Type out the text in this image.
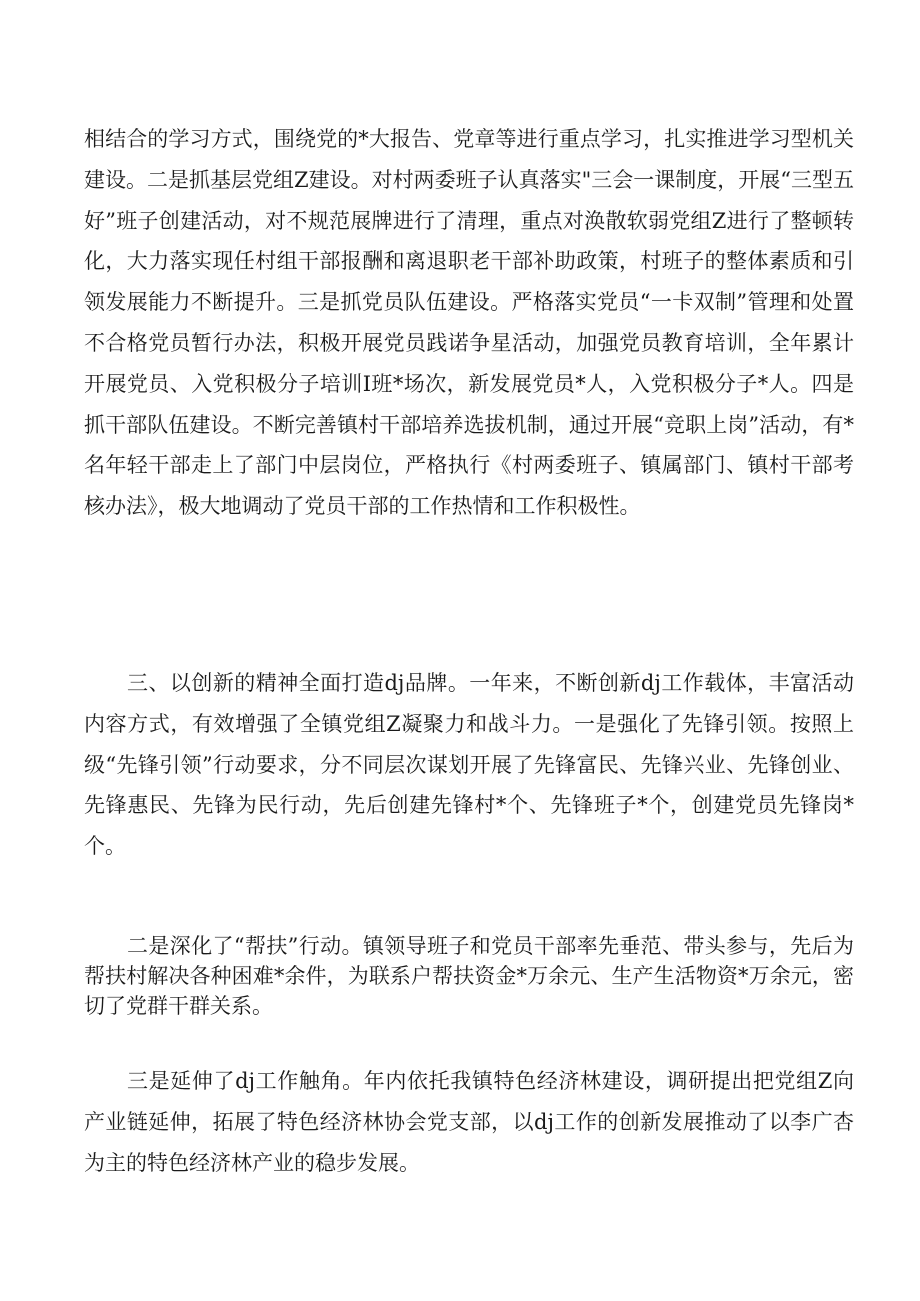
相结合的学习方式，围绕党的*大报告、党章等进行重点学习，扎实推进学习型机关建设。二是抓基层党组Z建设。对村两委班子认真落实"三会一课制度，开展“三型五好”班子创建活动，对不规范展牌进行了清理，重点对涣散软弱党组Z进行了整顿转化，大力落实现任村组干部报酬和离退职老干部补助政策，村班子的整体素质和引领发展能力不断提升。三是抓党员队伍建设。严格落实党员“一卡双制”管理和处置不合格党员暂行办法，积极开展党员践诺争星活动，加强党员教育培训，全年累计开展党员、入党积极分子培训I班*场次，新发展党员*人，入党积极分子*人。四是抓干部队伍建设。不断完善镇村干部培养选拔机制，通过开展“竞职上岗”活动，有*名年轻干部走上了部门中层岗位，严格执行《村两委班子、镇属部门、镇村干部考核办法》，极大地调动了党员干部的工作热情和工作积极性。

三、以创新的精神全面打造dj品牌。一年来，不断创新dj工作载体，丰富活动内容方式，有效增强了全镇党组Z凝聚力和战斗力。一是强化了先锋引领。按照上级“先锋引领”行动要求，分不同层次谋划开展了先锋富民、先锋兴业、先锋创业、先锋惠民、先锋为民行动，先后创建先锋村*个、先锋班子*个，创建党员先锋岗*个。

二是深化了“帮扶”行动。镇领导班子和党员干部率先垂范、带头参与，先后为帮扶村解决各种困难*余件，为联系户帮扶资金*万余元、生产生活物资*万余元，密切了党群干群关系。

三是延伸了dj工作触角。年内依托我镇特色经济林建设，调研提出把党组Z向产业链延伸，拓展了特色经济林协会党支部，以dj工作的创新发展推动了以李广杏为主的特色经济林产业的稳步发展。
